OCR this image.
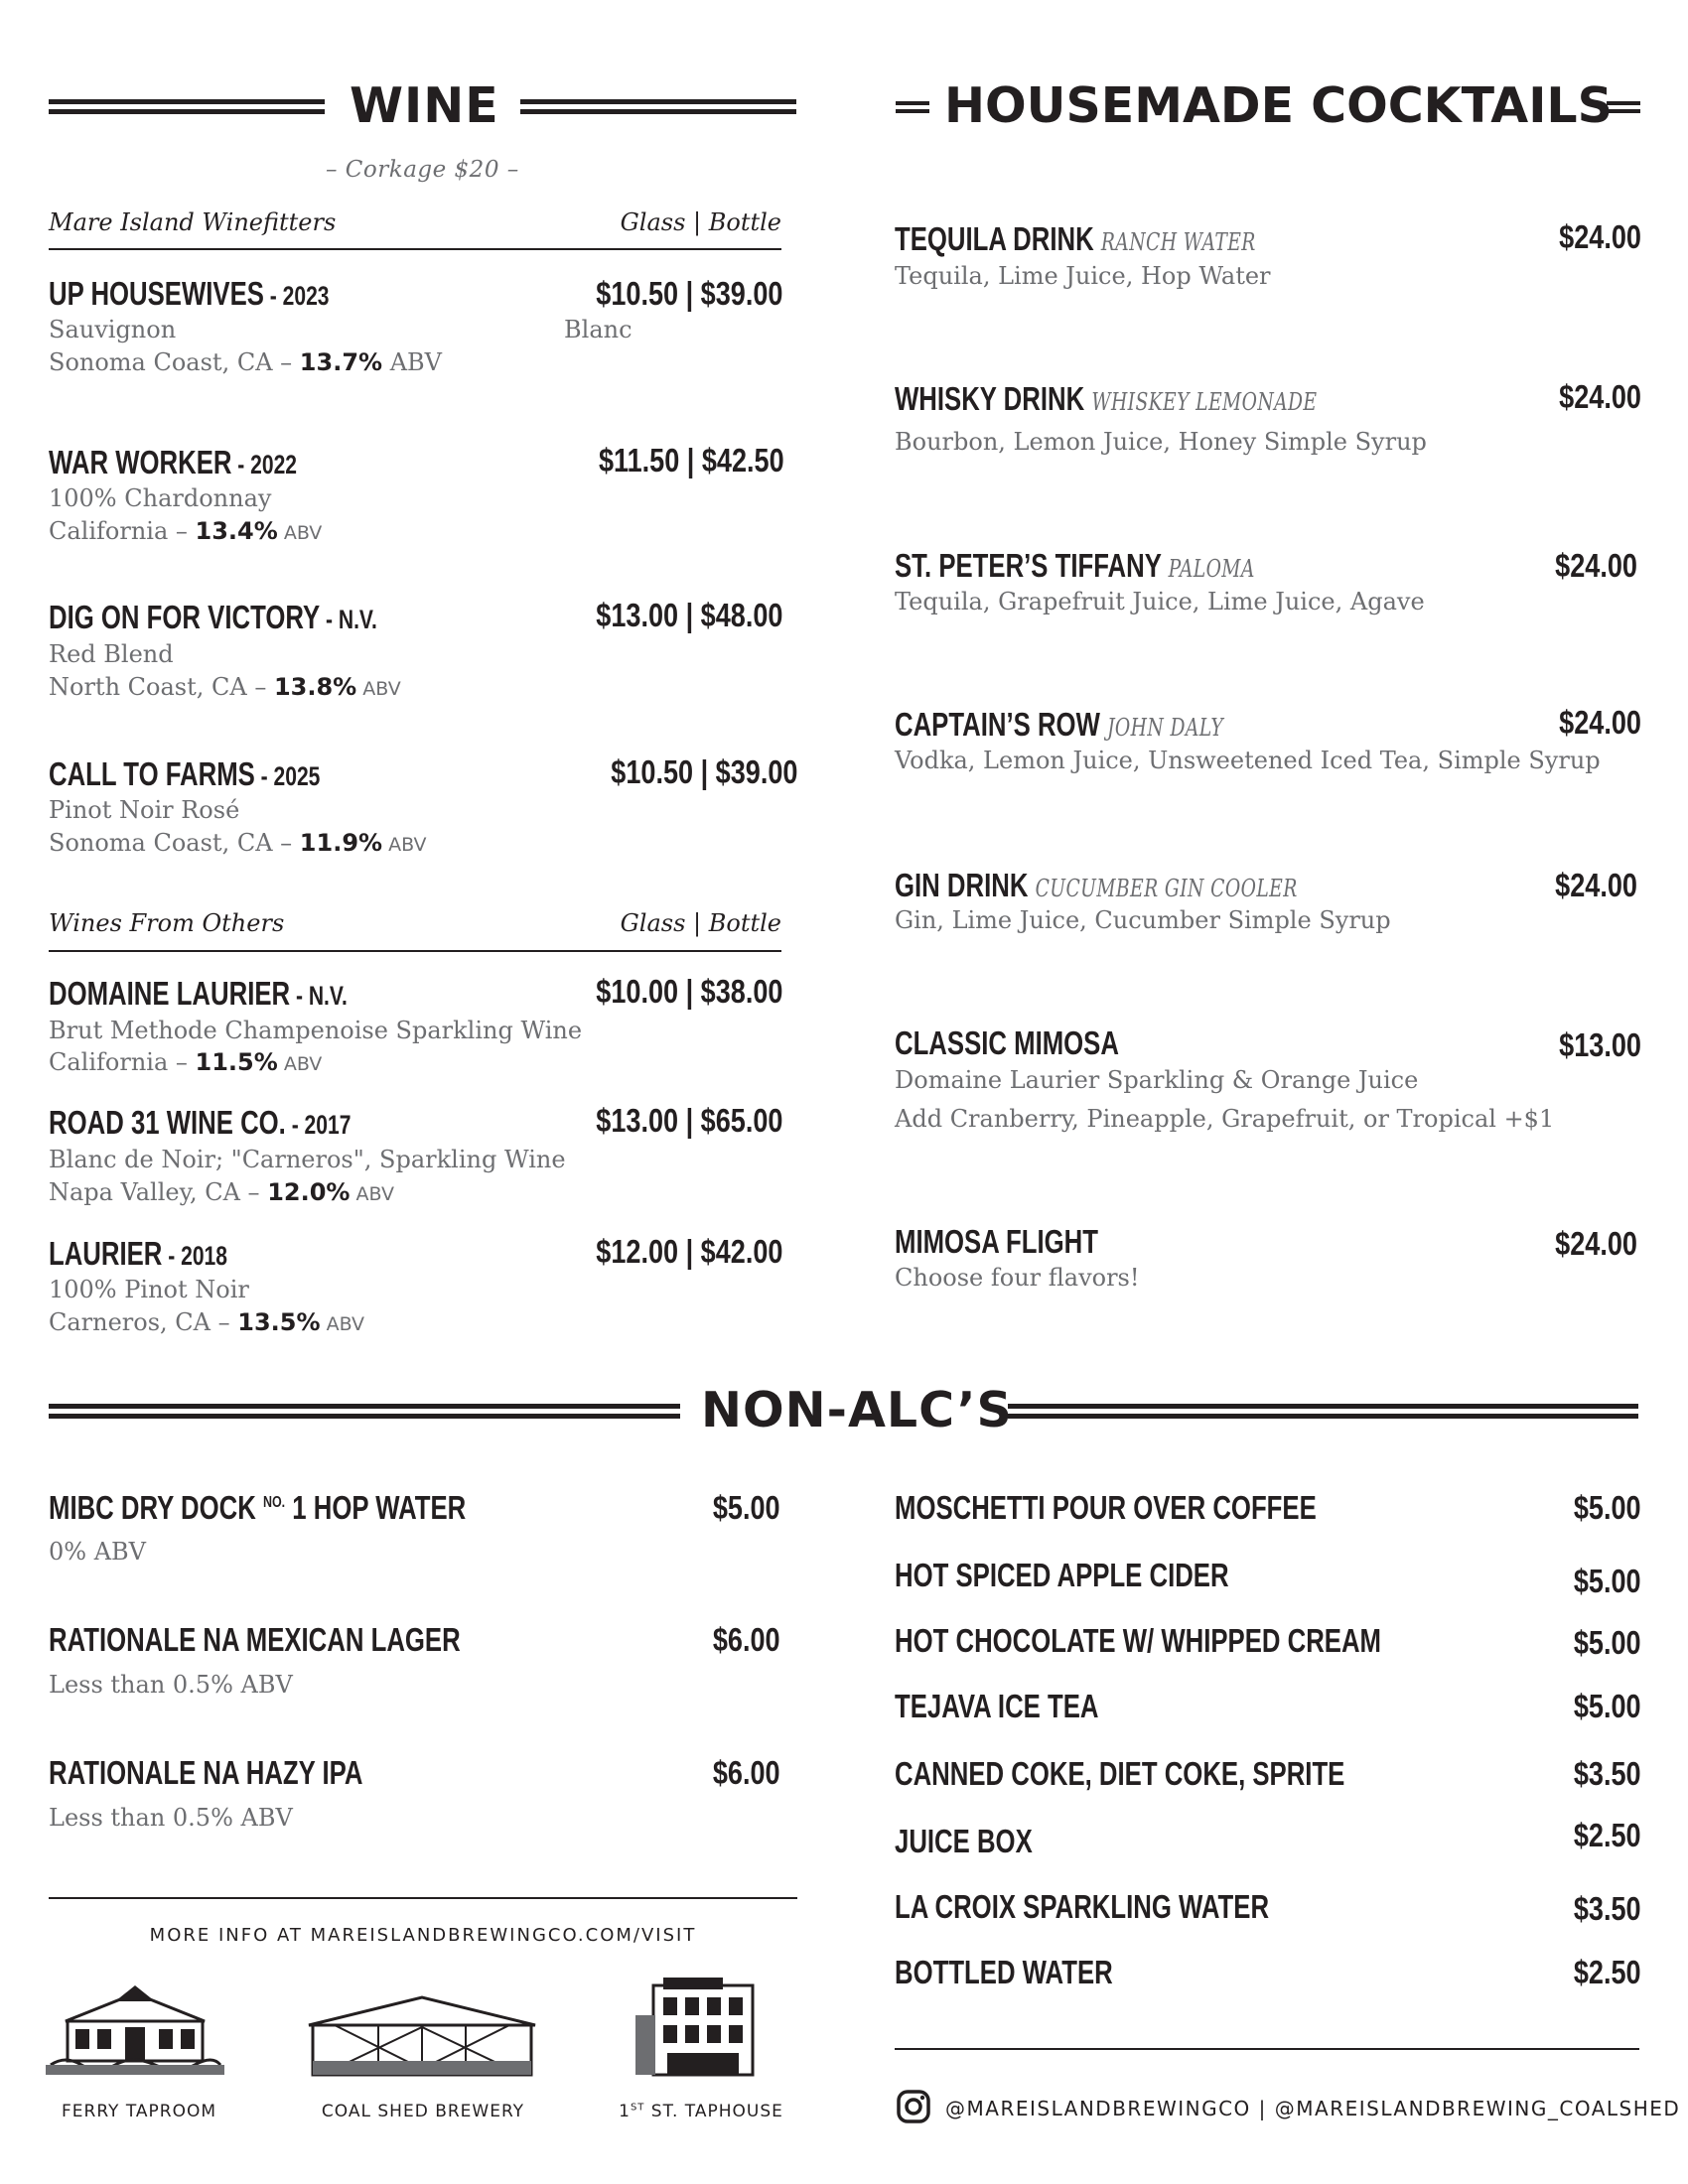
WINE
– Corkage $20 –
Mare Island Winefitters	Glass | Bottle
UP HOUSEWIVES - 2023	$10.50 | $39.00
Sauvignon	Blanc
Sonoma Coast, CA – 13.7% ABV
WAR WORKER - 2022	$11.50 | $42.50
100% Chardonnay
California – 13.4% ABV
DIG ON FOR VICTORY - N.V.	$13.00 | $48.00
Red Blend
North Coast, CA – 13.8% ABV
CALL TO FARMS - 2025	$10.50 | $39.00
Pinot Noir Rosé
Sonoma Coast, CA – 11.9% ABV
Wines From Others	Glass | Bottle
DOMAINE LAURIER - N.V.	$10.00 | $38.00
Brut Methode Champenoise Sparkling Wine
California – 11.5% ABV
ROAD 31 WINE CO. - 2017	$13.00 | $65.00
Blanc de Noir; "Carneros", Sparkling Wine
Napa Valley, CA – 12.0% ABV
LAURIER - 2018	$12.00 | $42.00
100% Pinot Noir
Carneros, CA – 13.5% ABV
HOUSEMADE COCKTAILS
TEQUILA DRINK RANCH WATER	$24.00
Tequila, Lime Juice, Hop Water
WHISKY DRINK WHISKEY LEMONADE	$24.00
Bourbon, Lemon Juice, Honey Simple Syrup
ST. PETER’S TIFFANY PALOMA	$24.00
Tequila, Grapefruit Juice, Lime Juice, Agave
CAPTAIN’S ROW JOHN DALY	$24.00
Vodka, Lemon Juice, Unsweetened Iced Tea, Simple Syrup
GIN DRINK CUCUMBER GIN COOLER	$24.00
Gin, Lime Juice, Cucumber Simple Syrup
CLASSIC MIMOSA	$13.00
Domaine Laurier Sparkling & Orange Juice
Add Cranberry, Pineapple, Grapefruit, or Tropical +$1
MIMOSA FLIGHT	$24.00
Choose four flavors!
NON-ALC’S
MIBC DRY DOCK $^{NO.}$ 1 HOP WATER	$5.00
0% ABV
RATIONALE NA MEXICAN LAGER	$6.00
Less than 0.5% ABV
RATIONALE NA HAZY IPA	$6.00
Less than 0.5% ABV
MOSCHETTI POUR OVER COFFEE	$5.00
HOT SPICED APPLE CIDER	$5.00
HOT CHOCOLATE W/ WHIPPED CREAM	$5.00
TEJAVA ICE TEA	$5.00
CANNED COKE, DIET COKE, SPRITE	$3.50
JUICE BOX	$2.50
LA CROIX SPARKLING WATER	$3.50
BOTTLED WATER	$2.50
MORE INFO AT MAREISLANDBREWINGCO.COM/VISIT
FERRY TAPROOM	COAL SHED BREWERY	1ST ST. TAPHOUSE	@MAREISLANDBREWINGCO | @MAREISLANDBREWING_COALSHED
